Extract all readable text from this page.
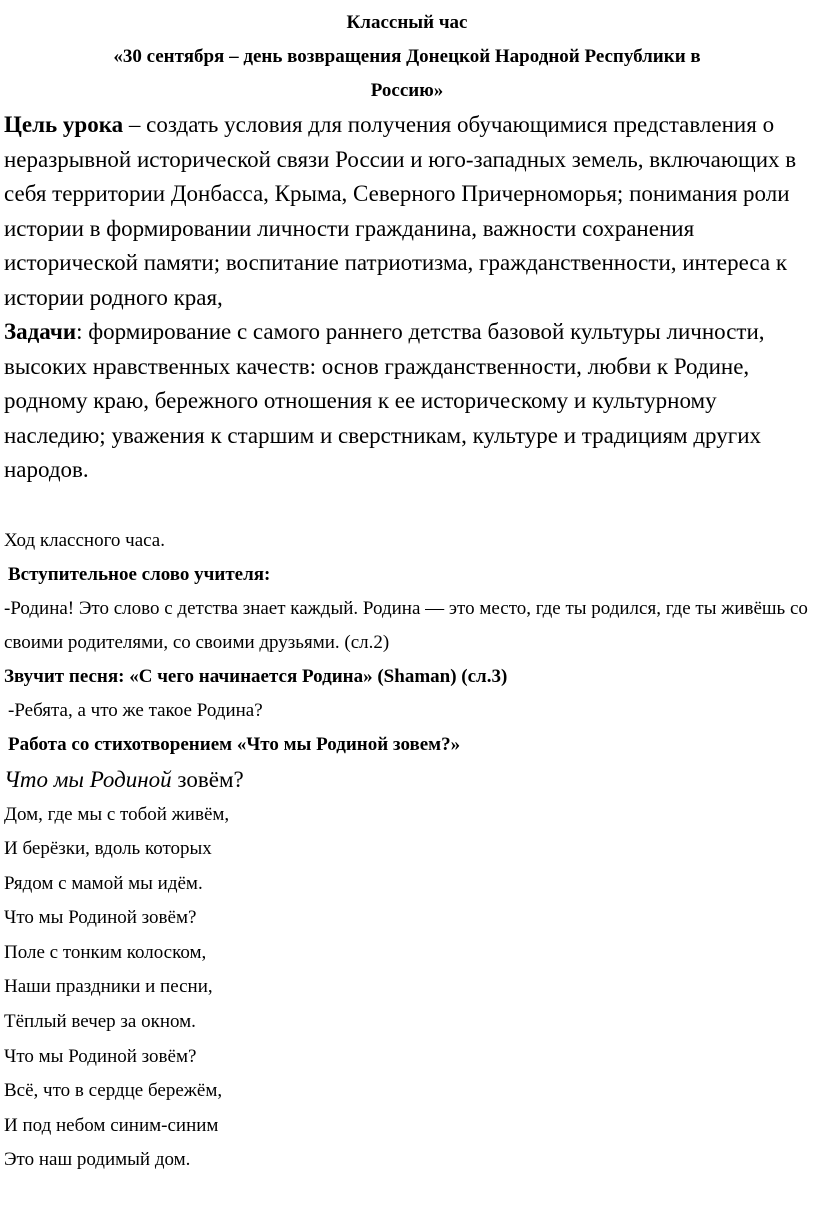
Классный час

«30 сентября – день возвращения Донецкой Народной Республики в

Россию»

Цель урока – создать условия для получения обучающимися представления о неразрывной исторической связи России и юго-западных земель, включающих в себя территории Донбасса, Крыма, Северного Причерноморья; понимания роли истории в формировании личности гражданина, важности сохранения исторической памяти; воспитание патриотизма, гражданственности, интереса к истории родного края,

Задачи: формирование с самого раннего детства базовой культуры личности, высоких нравственных качеств: основ гражданственности, любви к Родине, родному краю, бережного отношения к ее историческому и культурному наследию; уважения к старшим и сверстникам, культуре и традициям других народов.

Ход классного часа.

Вступительное слово учителя:

-Родина! Это слово с детства знает каждый. Родина — это место, где ты родился, где ты живёшь со своими родителями, со своими друзьями. (сл.2)

Звучит песня: «С чего начинается Родина» (Shaman) (сл.3)

-Ребята, а что же такое Родина?

Работа со стихотворением «Что мы Родиной зовем?»

Что мы Родиной зовём?

Дом, где мы с тобой живём,

И берёзки, вдоль которых

Рядом с мамой мы идём.

Что мы Родиной зовём?

Поле с тонким колоском,

Наши праздники и песни,

Тёплый вечер за окном.

Что мы Родиной зовём?

Всё, что в сердце бережём,

И под небом синим-синим

Это наш родимый дом.
